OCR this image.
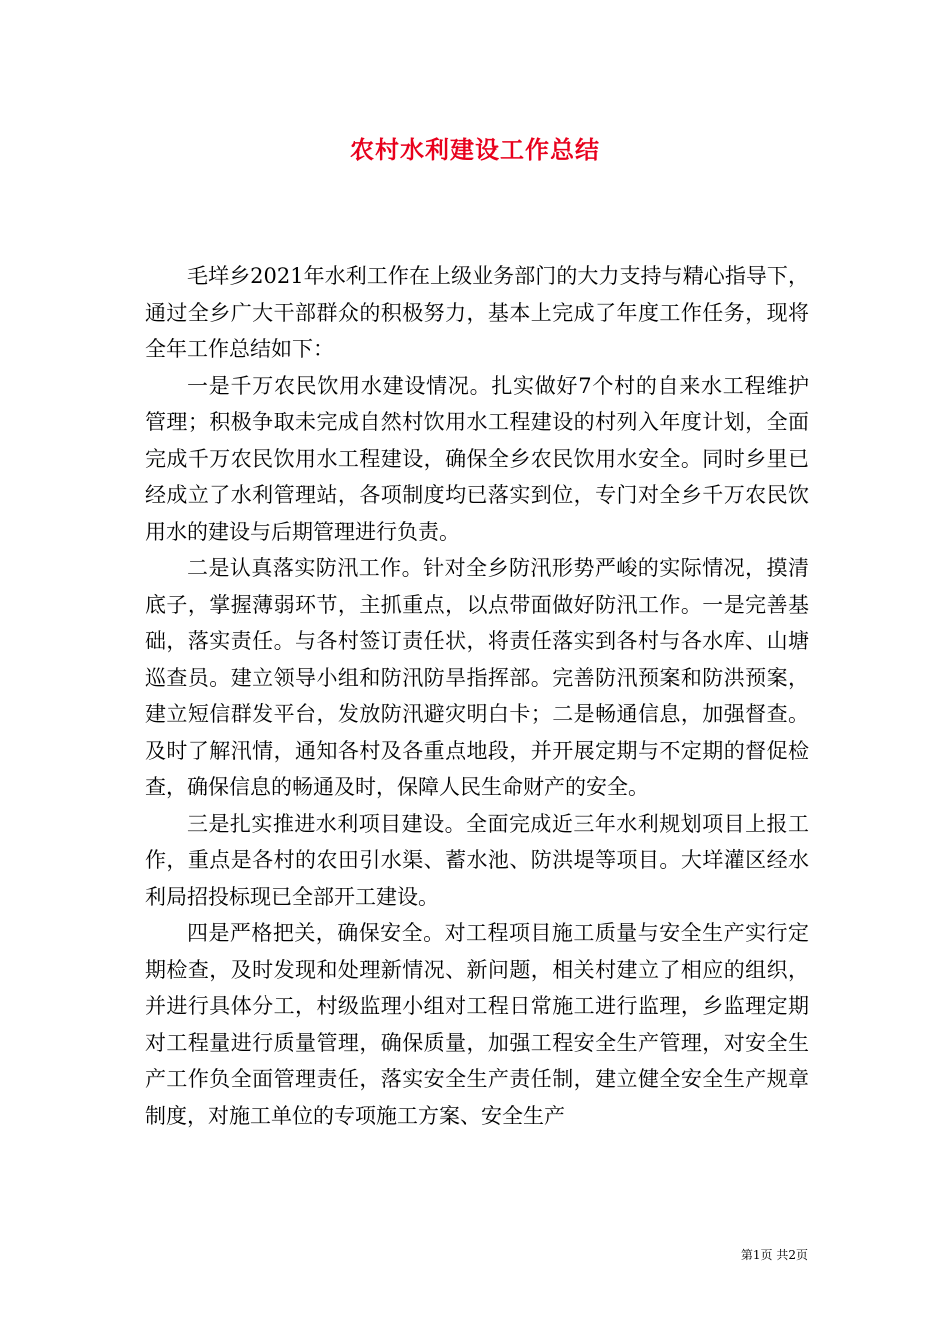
农村水利建设工作总结

毛垟乡2021年水利工作在上级业务部门的大力支持与精心指导下，通过全乡广大干部群众的积极努力，基本上完成了年度工作任务，现将全年工作总结如下：

一是千万农民饮用水建设情况。扎实做好7个村的自来水工程维护管理；积极争取未完成自然村饮用水工程建设的村列入年度计划，全面完成千万农民饮用水工程建设，确保全乡农民饮用水安全。同时乡里已经成立了水利管理站，各项制度均已落实到位，专门对全乡千万农民饮用水的建设与后期管理进行负责。

二是认真落实防汛工作。针对全乡防汛形势严峻的实际情况，摸清底子，掌握薄弱环节，主抓重点，以点带面做好防汛工作。一是完善基础，落实责任。与各村签订责任状，将责任落实到各村与各水库、山塘巡查员。建立领导小组和防汛防旱指挥部。完善防汛预案和防洪预案，建立短信群发平台，发放防汛避灾明白卡；二是畅通信息，加强督查。及时了解汛情，通知各村及各重点地段，并开展定期与不定期的督促检查，确保信息的畅通及时，保障人民生命财产的安全。

三是扎实推进水利项目建设。全面完成近三年水利规划项目上报工作，重点是各村的农田引水渠、蓄水池、防洪堤等项目。大垟灌区经水利局招投标现已全部开工建设。

四是严格把关，确保安全。对工程项目施工质量与安全生产实行定期检查，及时发现和处理新情况、新问题，相关村建立了相应的组织，并进行具体分工，村级监理小组对工程日常施工进行监理，乡监理定期对工程量进行质量管理，确保质量，加强工程安全生产管理，对安全生产工作负全面管理责任，落实安全生产责任制，建立健全安全生产规章制度，对施工单位的专项施工方案、安全生产

第1页 共2页
